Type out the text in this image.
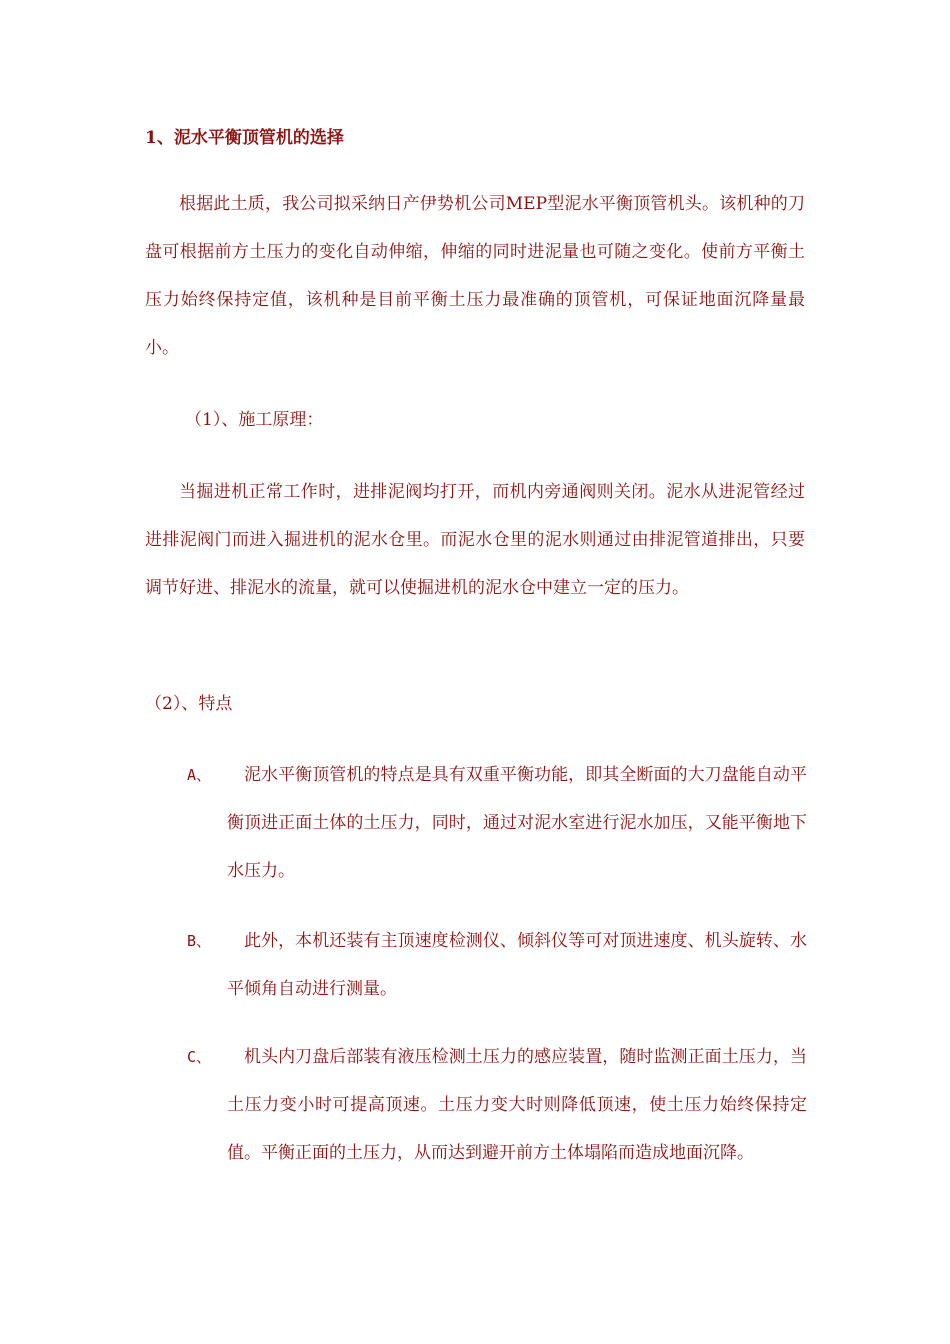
1、泥水平衡顶管机的选择
根据此土质，我公司拟采纳日产伊势机公司MEP型泥水平衡顶管机头。该机种的刀盘可根据前方土压力的变化自动伸缩，伸缩的同时进泥量也可随之变化。使前方平衡土压力始终保持定值，该机种是目前平衡土压力最准确的顶管机，可保证地面沉降量最小。
（1）、施工原理：
当掘进机正常工作时，进排泥阀均打开，而机内旁通阀则关闭。泥水从进泥管经过进排泥阀门而进入掘进机的泥水仓里。而泥水仓里的泥水则通过由排泥管道排出，只要调节好进、排泥水的流量，就可以使掘进机的泥水仓中建立一定的压力。
（2）、特点
A、	泥水平衡顶管机的特点是具有双重平衡功能，即其全断面的大刀盘能自动平衡顶进正面土体的土压力，同时，通过对泥水室进行泥水加压，又能平衡地下水压力。
B、	此外，本机还装有主顶速度检测仪、倾斜仪等可对顶进速度、机头旋转、水平倾角自动进行测量。
C、	机头内刀盘后部装有液压检测土压力的感应装置，随时监测正面土压力，当土压力变小时可提高顶速。土压力变大时则降低顶速，使土压力始终保持定值。平衡正面的土压力，从而达到避开前方土体塌陷而造成地面沉降。
